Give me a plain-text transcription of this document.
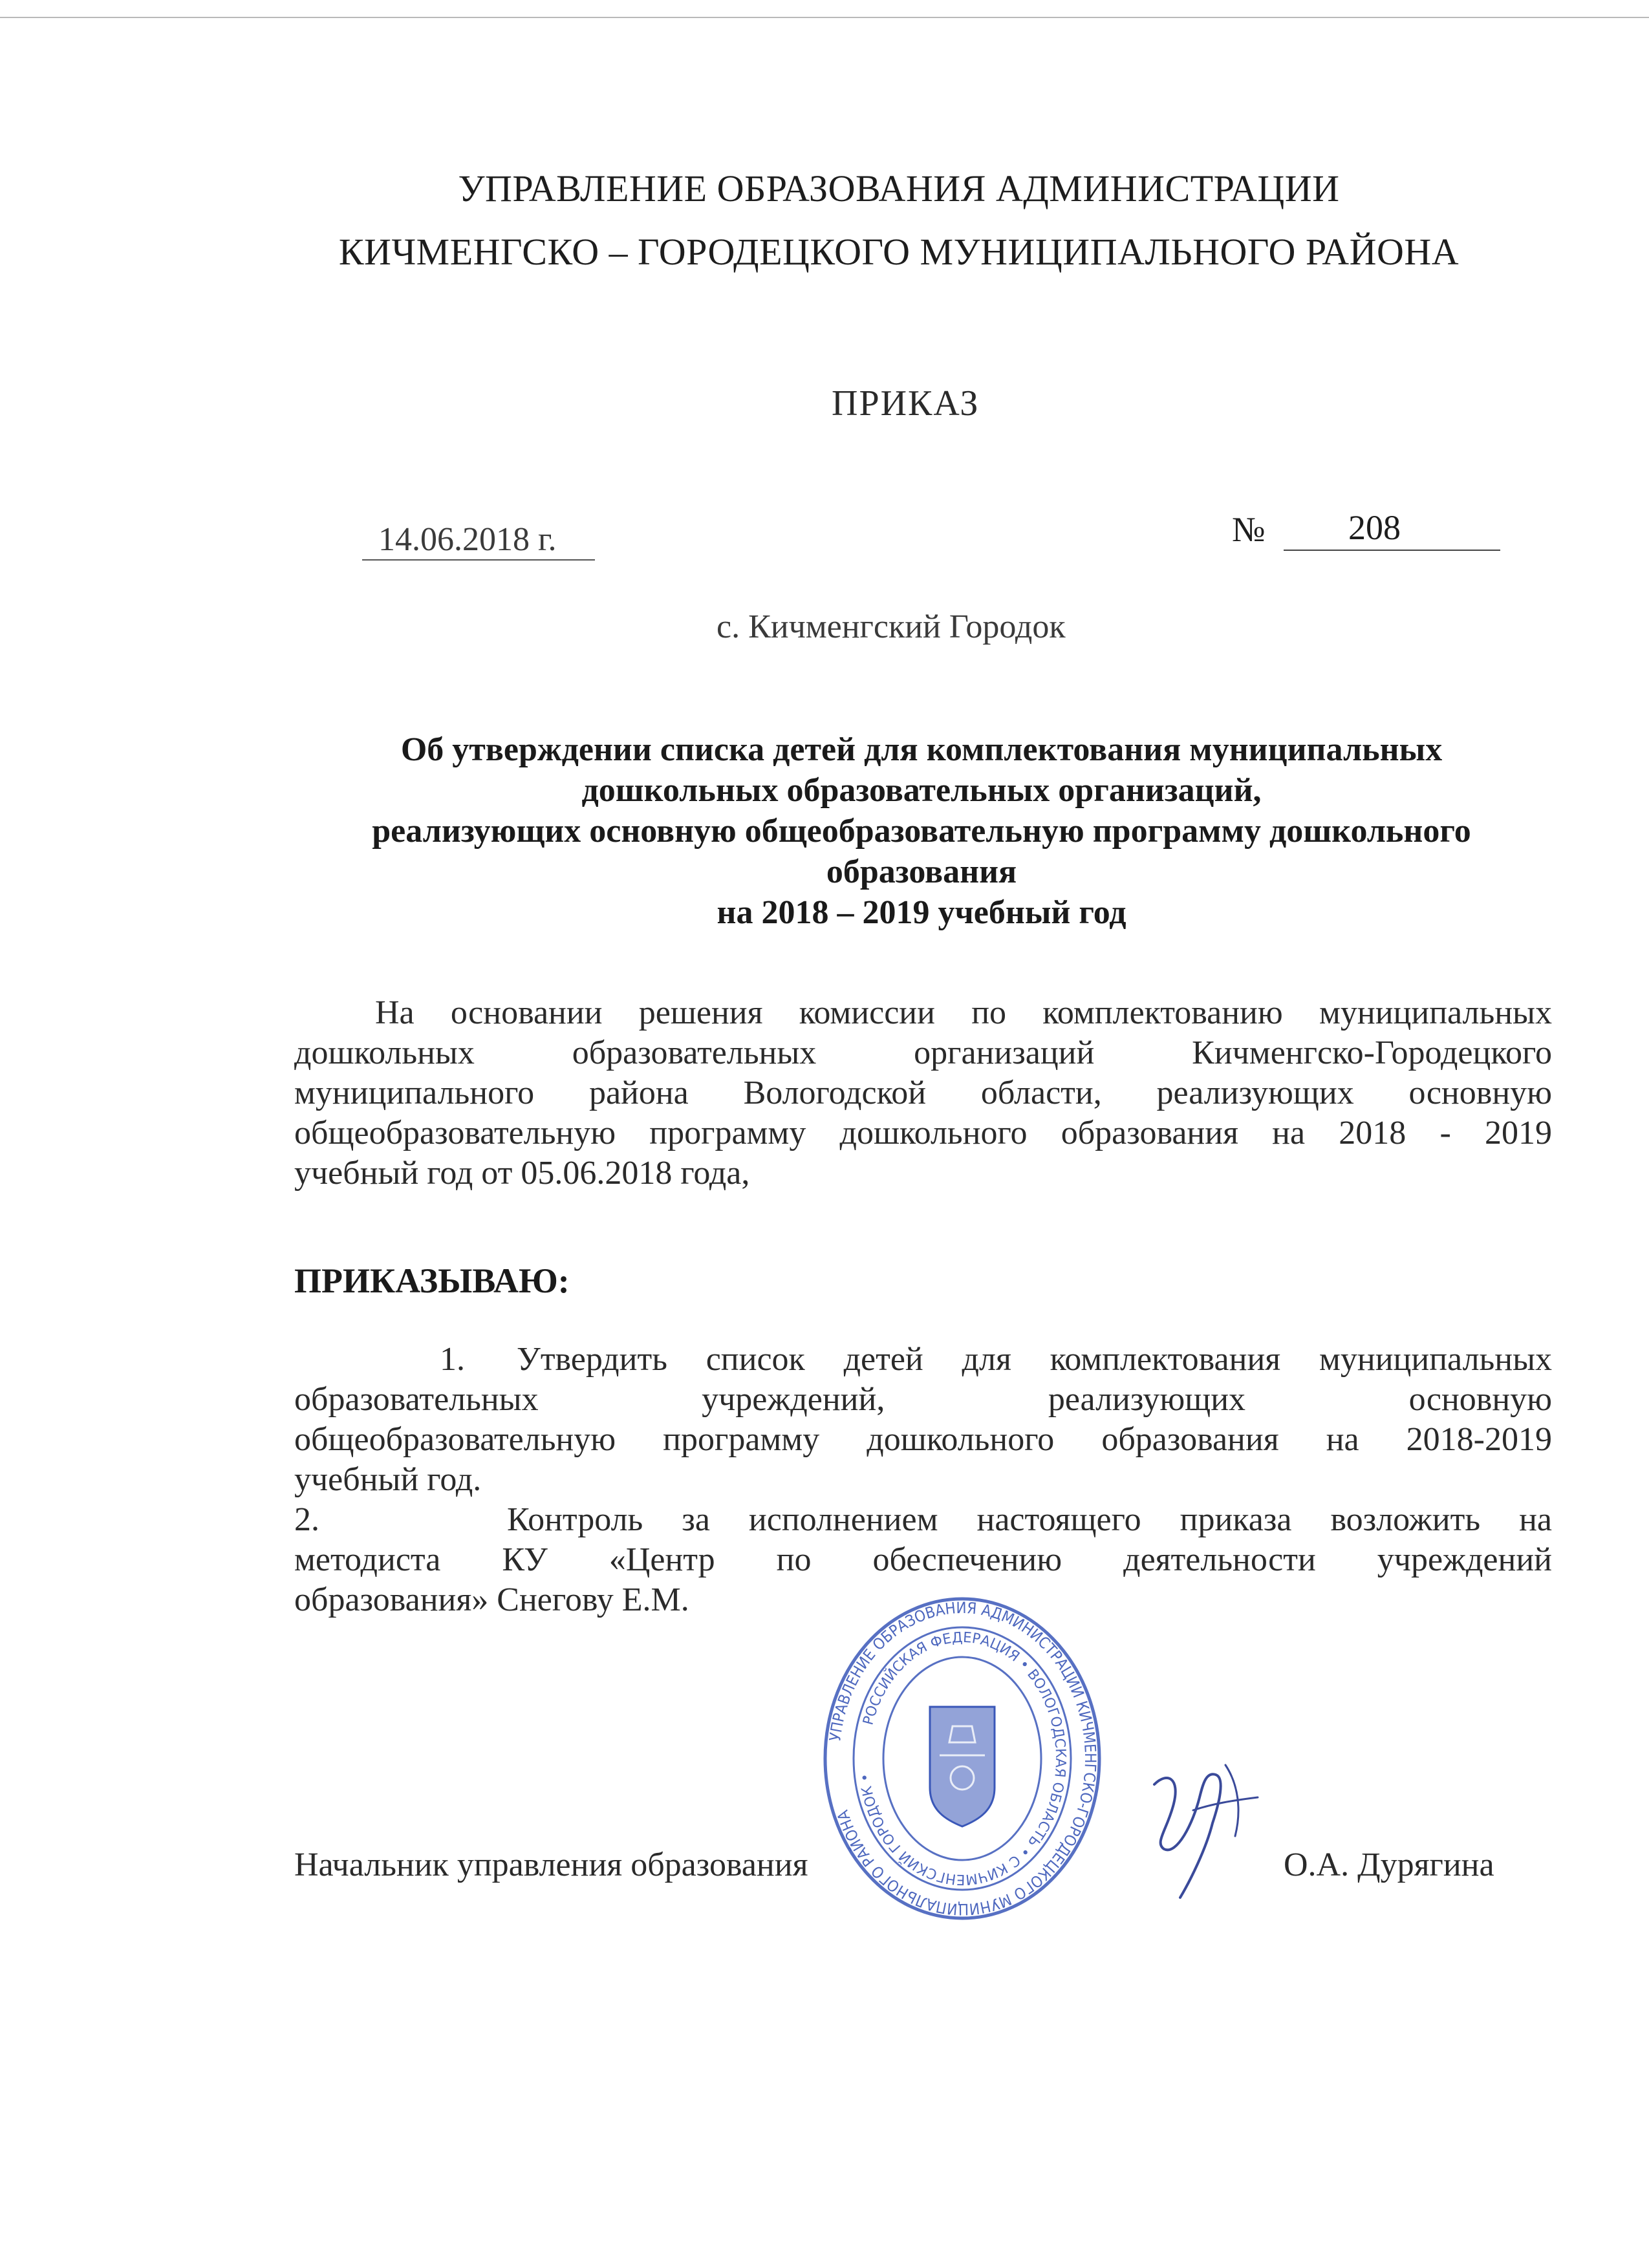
УПРАВЛЕНИЕ ОБРАЗОВАНИЯ АДМИНИСТРАЦИИ
КИЧМЕНГСКО – ГОРОДЕЦКОГО МУНИЦИПАЛЬНОГО РАЙОНА
ПРИКАЗ
14.06.2018 г.	№ 208
с. Кичменгский Городок
Об утверждении списка детей для комплектования муниципальных
дошкольных образовательных организаций,
реализующих основную общеобразовательную программу дошкольного
образования
на 2018 – 2019 учебный год
На основании решения комиссии по комплектованию муниципальных
дошкольных образовательных организаций Кичменгско-Городецкого
муниципального района Вологодской области, реализующих основную
общеобразовательную программу дошкольного образования на 2018 - 2019
учебный год от 05.06.2018 года,
ПРИКАЗЫВАЮ:
1. Утвердить список детей для комплектования муниципальных
образовательных учреждений, реализующих основную
общеобразовательную программу дошкольного образования на 2018-2019
учебный год.
2.	Контроль за исполнением настоящего приказа возложить на
методиста КУ «Центр по обеспечению деятельности учреждений
образования» Снегову Е.М.
Начальник управления образования	О.А. Дурягина
УПРАВЛЕНИЕ ОБРАЗОВАНИЯ АДМИНИСТРАЦИИ КИЧМЕНГСКО-ГОРОДЕЦКОГО МУНИЦИПАЛЬНОГО РАЙОНА
РОССИЙСКАЯ ФЕДЕРАЦИЯ • ВОЛОГОДСКАЯ ОБЛАСТЬ • С КИЧМЕНГСКИЙ ГОРОДОК •
